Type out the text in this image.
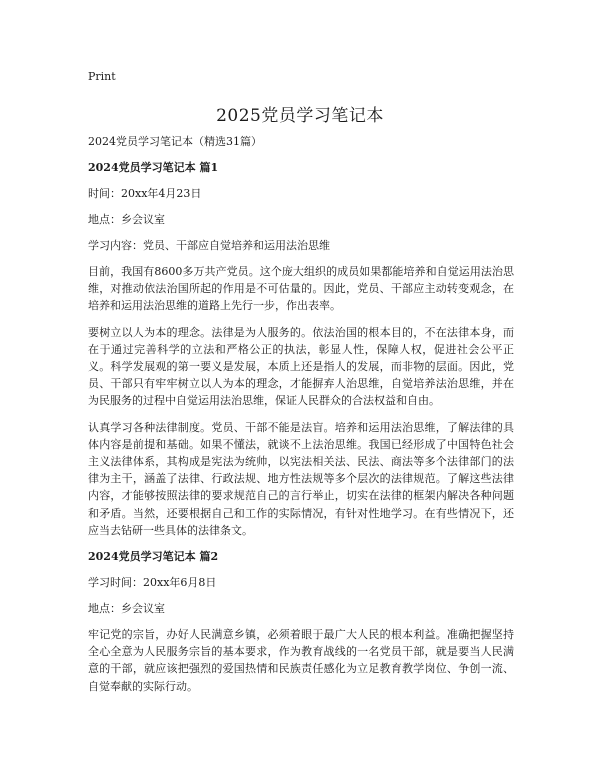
Print
2025党员学习笔记本
2024党员学习笔记本（精选31篇）
2024党员学习笔记本 篇1
时间：20xx年4月23日
地点：乡会议室
学习内容：党员、干部应自觉培养和运用法治思维
目前，我国有8600多万共产党员。这个庞大组织的成员如果都能培养和自觉运用法治思维，对推动依法治国所起的作用是不可估量的。因此，党员、干部应主动转变观念，在培养和运用法治思维的道路上先行一步，作出表率。
要树立以人为本的理念。法律是为人服务的。依法治国的根本目的，不在法律本身，而在于通过完善科学的立法和严格公正的执法，彰显人性，保障人权，促进社会公平正义。科学发展观的第一要义是发展，本质上还是指人的发展，而非物的层面。因此，党员、干部只有牢牢树立以人为本的理念，才能摒弃人治思维，自觉培养法治思维，并在为民服务的过程中自觉运用法治思维，保证人民群众的合法权益和自由。
认真学习各种法律制度。党员、干部不能是法盲。培养和运用法治思维，了解法律的具体内容是前提和基础。如果不懂法，就谈不上法治思维。我国已经形成了中国特色社会主义法律体系，其构成是宪法为统帅，以宪法相关法、民法、商法等多个法律部门的法律为主干，涵盖了法律、行政法规、地方性法规等多个层次的法律规范。了解这些法律内容，才能够按照法律的要求规范自己的言行举止，切实在法律的框架内解决各种问题和矛盾。当然，还要根据自己和工作的实际情况，有针对性地学习。在有些情况下，还应当去钻研一些具体的法律条文。
2024党员学习笔记本 篇2
学习时间：20xx年6月8日
地点：乡会议室
牢记党的宗旨，办好人民满意乡镇，必须着眼于最广大人民的根本利益。准确把握坚持全心全意为人民服务宗旨的基本要求，作为教育战线的一名党员干部，就是要当人民满意的干部，就应该把强烈的爱国热情和民族责任感化为立足教育教学岗位、争创一流、自觉奉献的实际行动。
